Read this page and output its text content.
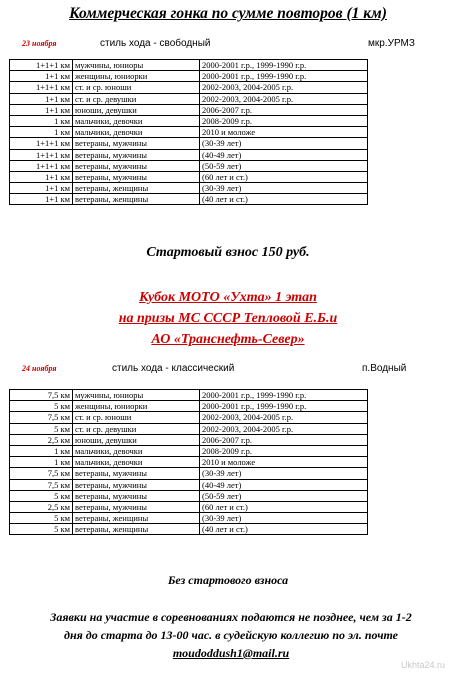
Коммерческая гонка по сумме повторов (1 км)
23 ноября	стиль хода - свободный	мкр.УРМЗ
1+1+1 км	мужчины, юниоры	2000-2001 г.р., 1999-1990 г.р.
1+1 км	женщины, юниорки	2000-2001 г.р., 1999-1990 г.р.
1+1+1 км	ст. и ср. юноши	2002-2003, 2004-2005 г.р.
1+1 км	ст. и ср. девушки	2002-2003, 2004-2005 г.р.
1+1 км	юноши, девушки	2006-2007 г.р.
1 км	мальчики, девочки	2008-2009 г.р.
1 км	мальчики, девочки	2010 и моложе
1+1+1 км	ветераны, мужчины	(30-39 лет)
1+1+1 км	ветераны, мужчины	(40-49 лет)
1+1+1 км	ветераны, мужчины	(50-59 лет)
1+1 км	ветераны, мужчины	(60 лет и ст.)
1+1 км	ветераны, женщины	(30-39 лет)
1+1 км	ветераны, женщины	(40 лет и ст.)
Стартовый взнос 150 руб.
Кубок МОТО «Ухта» 1 этап
на призы МС СССР Тепловой Е.Б.и
АО «Транснефть-Север»
24 ноября	стиль хода - классический	п.Водный
7,5 км	мужчины, юниоры	2000-2001 г.р., 1999-1990 г.р.
5 км	женщины, юниорки	2000-2001 г.р., 1999-1990 г.р.
7,5 км	ст. и ср. юноши	2002-2003, 2004-2005 г.р.
5 км	ст. и ср. девушки	2002-2003, 2004-2005 г.р.
2,5 км	юноши, девушки	2006-2007 г.р.
1 км	мальчики, девочки	2008-2009 г.р.
1 км	мальчики, девочки	2010 и моложе
7,5 км	ветераны, мужчины	(30-39 лет)
7,5 км	ветераны, мужчины	(40-49 лет)
5 км	ветераны, мужчины	(50-59 лет)
2,5 км	ветераны, мужчины	(60 лет и ст.)
5 км	ветераны, женщины	(30-39 лет)
5 км	ветераны, женщины	(40 лет и ст.)
Без стартового взноса
Заявки на участие в соревнованиях подаются не позднее, чем за 1-2
дня до старта до 13-00 час. в судейскую коллегию по эл. почте
moudoddush1@mail.ru
Ukhta24.ru
